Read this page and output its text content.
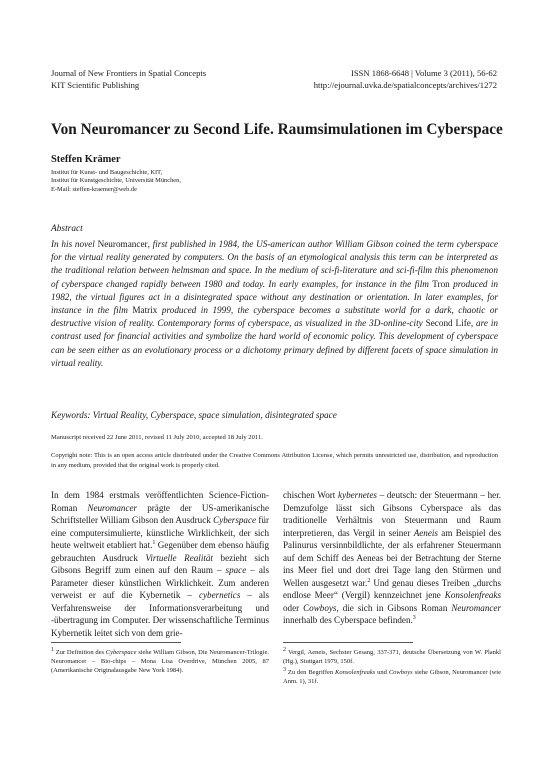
Journal of New Frontiers in Spatial Concepts
KIT Scientific Publishing
ISSN 1868-6648 | Volume 3 (2011), 56-62
http://ejournal.uvka.de/spatialconcepts/archives/1272
Von Neuromancer zu Second Life. Raumsimulationen im Cyberspace
Steffen Krämer
Institut für Kunst- und Baugeschichte, KIT,
Institut für Kunstgeschichte, Universität München,
E-Mail: steffen-kraemer@web.de
Abstract
In his novel Neuromancer, first published in 1984, the US-american author William Gibson coined the term cyberspace for the virtual reality generated by computers. On the basis of an etymological analysis this term can be interpreted as the traditional relation between helmsman and space. In the medium of sci-fi-literature and sci-fi-film this phenomenon of cyberspace changed rapidly between 1980 and today. In early examples, for instance in the film Tron produced in 1982, the virtual figures act in a disintegrated space without any destination or orientation. In later examples, for instance in the film Matrix produced in 1999, the cyberspace becomes a substitute world for a dark, chaotic or destructive vision of reality. Contemporary forms of cyberspace, as visualized in the 3D-online-city Second Life, are in contrast used for financial activities and symbolize the hard world of economic policy. This development of cyberspace can be seen either as an evolutionary process or a dichotomy primary defined by different facets of space simulation in virtual reality.
Keywords: Virtual Reality, Cyberspace, space simulation, disintegrated space
Manuscript received 22 June 2011, revised 11 July 2010, accepted 18 July 2011.
Copyright note: This is an open access article distributed under the Creative Commons Attribution License, which permits unrestricted use, distribution, and reproduction in any medium, provided that the original work is properly cited.
In dem 1984 erstmals veröffentlichten Science-Fiction-Roman Neuromancer prägte der US-amerikanische Schriftsteller William Gibson den Ausdruck Cyberspace für eine computersimulierte, künstliche Wirklichkeit, der sich heute weltweit etabliert hat.$^1$ Gegenüber dem ebenso häufig gebrauchten Ausdruck Virtuelle Realität bezieht sich Gibsons Begriff zum einen auf den Raum – space – als Parameter dieser künstlichen Wirklichkeit. Zum anderen verweist er auf die Kybernetik – cybernetics – als Verfahrensweise der Informationsverarbeitung und -übertragung im Computer. Der wissenschaftliche Terminus Kybernetik leitet sich von dem grie-
chischen Wort kybernetes – deutsch: der Steuermann – her. Demzufolge lässt sich Gibsons Cyberspace als das traditionelle Verhältnis von Steuermann und Raum interpretieren, das Vergil in seiner Aeneis am Beispiel des Palinurus versinnbildlichte, der als erfahrener Steuermann auf dem Schiff des Aeneas bei der Betrachtung der Sterne ins Meer fiel und dort drei Tage lang den Stürmen und Wellen ausgesetzt war.$^2$ Und genau dieses Treiben „durchs endlose Meer“ (Vergil) kennzeichnet jene Konsolenfreaks oder Cowboys, die sich in Gibsons Roman Neuromancer innerhalb des Cyberspace befinden.$^3$
$^1$ Zur Definition des Cyberspace siehe William Gibson, Die Neuromancer-Trilogie. Neuromancer – Bio-chips – Mona Lisa Overdrive, München 2005, 87 (Amerikanische Originalausgabe New York 1984).
$^2$ Vergil, Aeneis, Sechster Gesang, 337-371, deutsche Übersetzung von W. Plankl (Hg.), Stuttgart 1979, 150f.
$^3$ Zu den Begriffen Konsolenfreaks und Cowboys siehe Gibson, Neuromancer (wie Anm. 1), 31f.
